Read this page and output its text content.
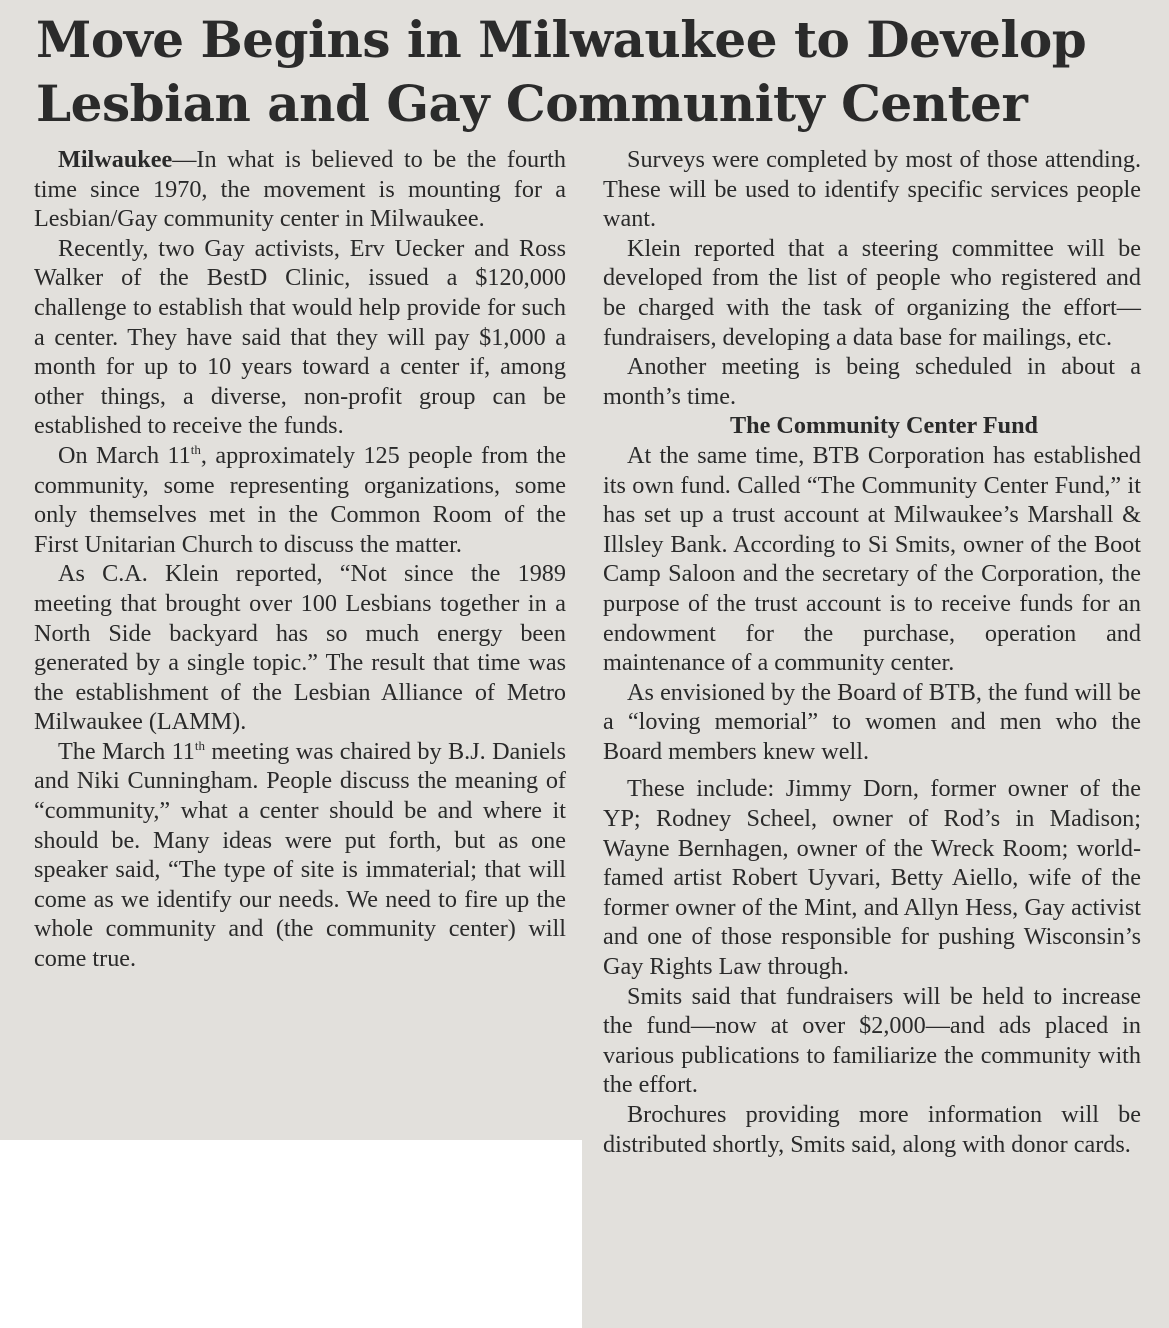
Move Begins in Milwaukee to Develop
Lesbian and Gay Community Center

Milwaukee—In what is believed to be the fourth time since 1970, the movement is mounting for a Lesbian/Gay community center in Milwaukee.

Recently, two Gay activists, Erv Uecker and Ross Walker of the BestD Clinic, issued a $120,000 challenge to establish that would help provide for such a center. They have said that they will pay $1,000 a month for up to 10 years toward a center if, among other things, a diverse, non-profit group can be established to receive the funds.

On March 11th, approximately 125 people from the community, some representing organizations, some only themselves met in the Common Room of the First Unitarian Church to discuss the matter.

As C.A. Klein reported, “Not since the 1989 meeting that brought over 100 Lesbians together in a North Side backyard has so much energy been generated by a single topic.” The result that time was the establishment of the Lesbian Alliance of Metro Milwaukee (LAMM).

The March 11th meeting was chaired by B.J. Daniels and Niki Cunningham. People discuss the meaning of “community,” what a center should be and where it should be. Many ideas were put forth, but as one speaker said, “The type of site is immaterial; that will come as we identify our needs. We need to fire up the whole community and (the community center) will come true.

Surveys were completed by most of those attending. These will be used to identify specific services people want.

Klein reported that a steering committee will be developed from the list of people who registered and be charged with the task of organizing the effort—fundraisers, developing a data base for mailings, etc.

Another meeting is being scheduled in about a month’s time.

The Community Center Fund

At the same time, BTB Corporation has established its own fund. Called “The Community Center Fund,” it has set up a trust account at Milwaukee’s Marshall & Illsley Bank. According to Si Smits, owner of the Boot Camp Saloon and the secretary of the Corporation, the purpose of the trust account is to receive funds for an endowment for the purchase, operation and maintenance of a community center.

As envisioned by the Board of BTB, the fund will be a “loving memorial” to women and men who the Board members knew well.

These include: Jimmy Dorn, former owner of the YP; Rodney Scheel, owner of Rod’s in Madison; Wayne Bernhagen, owner of the Wreck Room; world-famed artist Robert Uyvari, Betty Aiello, wife of the former owner of the Mint, and Allyn Hess, Gay activist and one of those responsible for pushing Wisconsin’s Gay Rights Law through.

Smits said that fundraisers will be held to increase the fund—now at over $2,000—and ads placed in various publications to familiarize the community with the effort.

Brochures providing more information will be distributed shortly, Smits said, along with donor cards.
